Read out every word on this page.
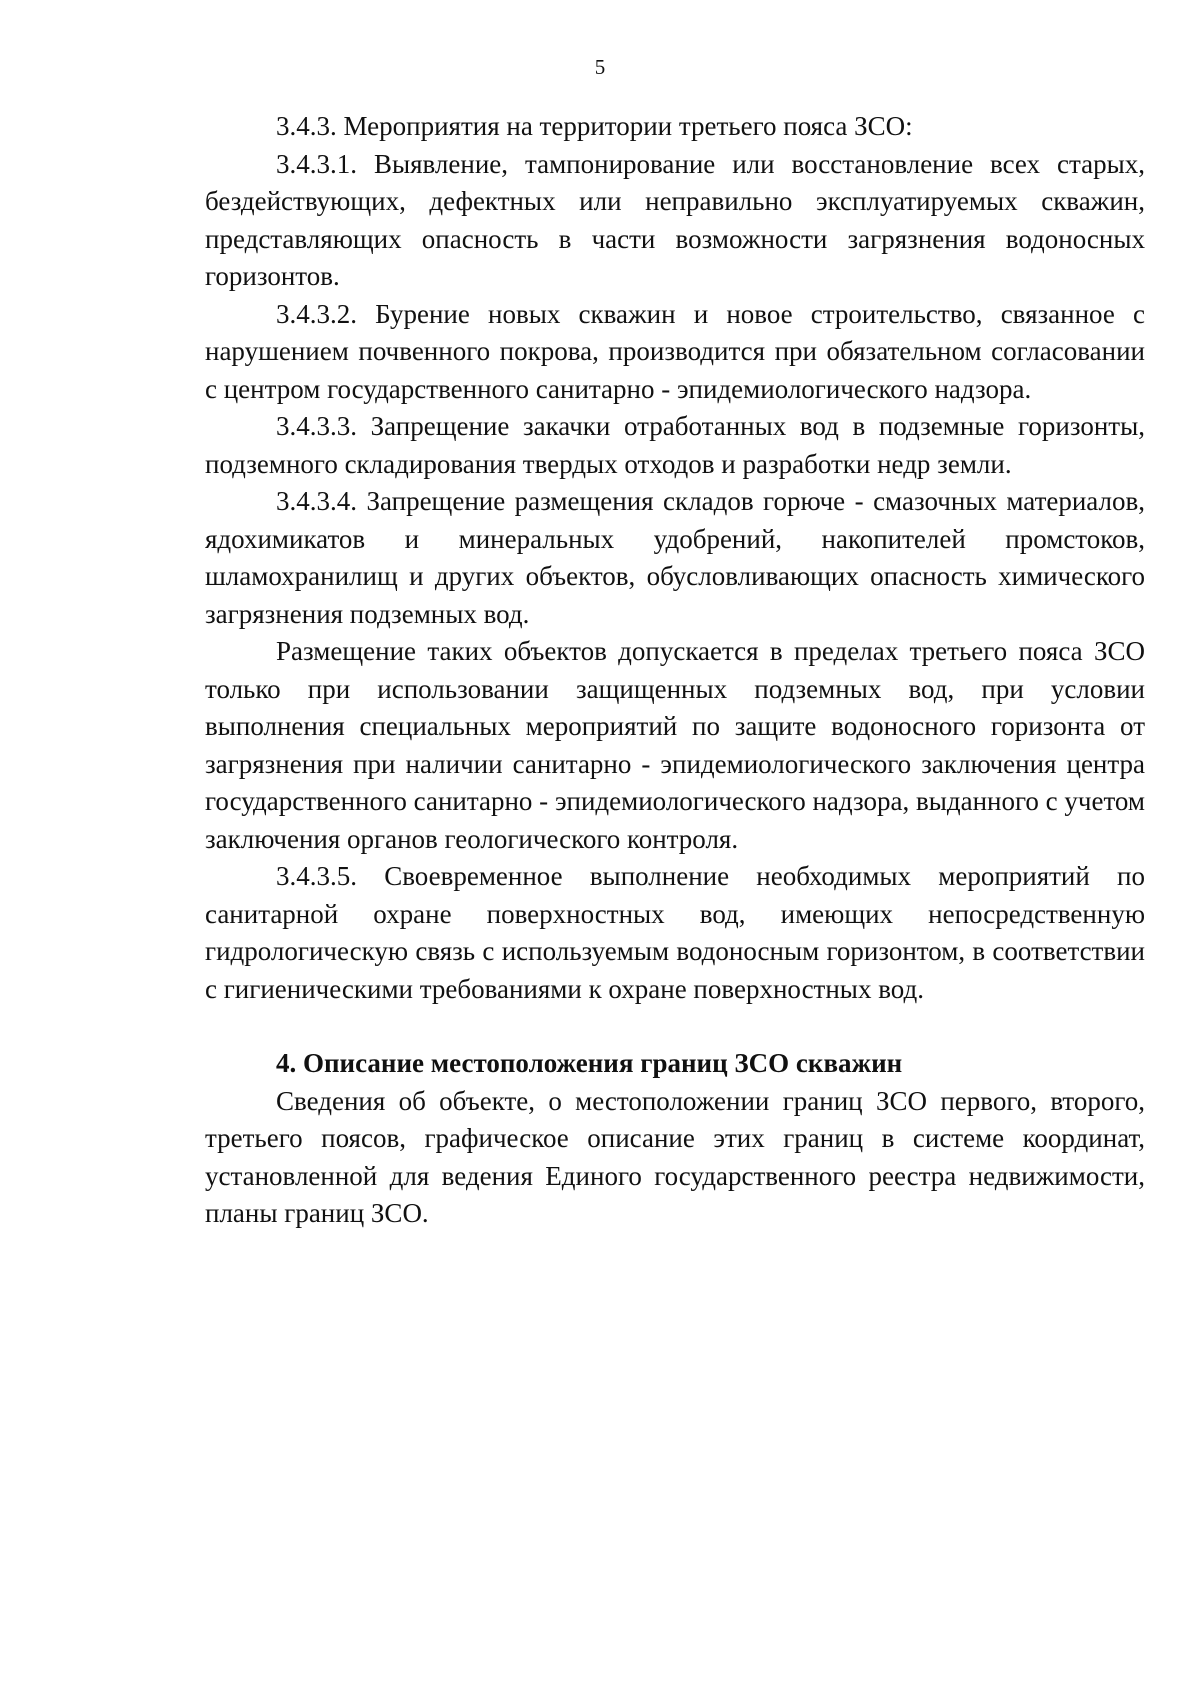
5

3.4.3. Мероприятия на территории третьего пояса ЗСО:

3.4.3.1. Выявление, тампонирование или восстановление всех старых, бездействующих, дефектных или неправильно эксплуатируемых скважин, представляющих опасность в части возможности загрязнения водоносных горизонтов.

3.4.3.2. Бурение новых скважин и новое строительство, связанное с нарушением почвенного покрова, производится при обязательном согласовании с центром государственного санитарно - эпидемиологического надзора.

3.4.3.3. Запрещение закачки отработанных вод в подземные горизонты, подземного складирования твердых отходов и разработки недр земли.

3.4.3.4. Запрещение размещения складов горюче - смазочных материалов, ядохимикатов и минеральных удобрений, накопителей промстоков, шламохранилищ и других объектов, обусловливающих опасность химического загрязнения подземных вод.

Размещение таких объектов допускается в пределах третьего пояса ЗСО только при использовании защищенных подземных вод, при условии выполнения специальных мероприятий по защите водоносного горизонта от загрязнения при наличии санитарно - эпидемиологического заключения центра государственного санитарно - эпидемиологического надзора, выданного с учетом заключения органов геологического контроля.

3.4.3.5. Своевременное выполнение необходимых мероприятий по санитарной охране поверхностных вод, имеющих непосредственную гидрологическую связь с используемым водоносным горизонтом, в соответствии с гигиеническими требованиями к охране поверхностных вод.

4. Описание местоположения границ ЗСО скважин

Сведения об объекте, о местоположении границ ЗСО первого, второго, третьего поясов, графическое описание этих границ в системе координат, установленной для ведения Единого государственного реестра недвижимости, планы границ ЗСО.
